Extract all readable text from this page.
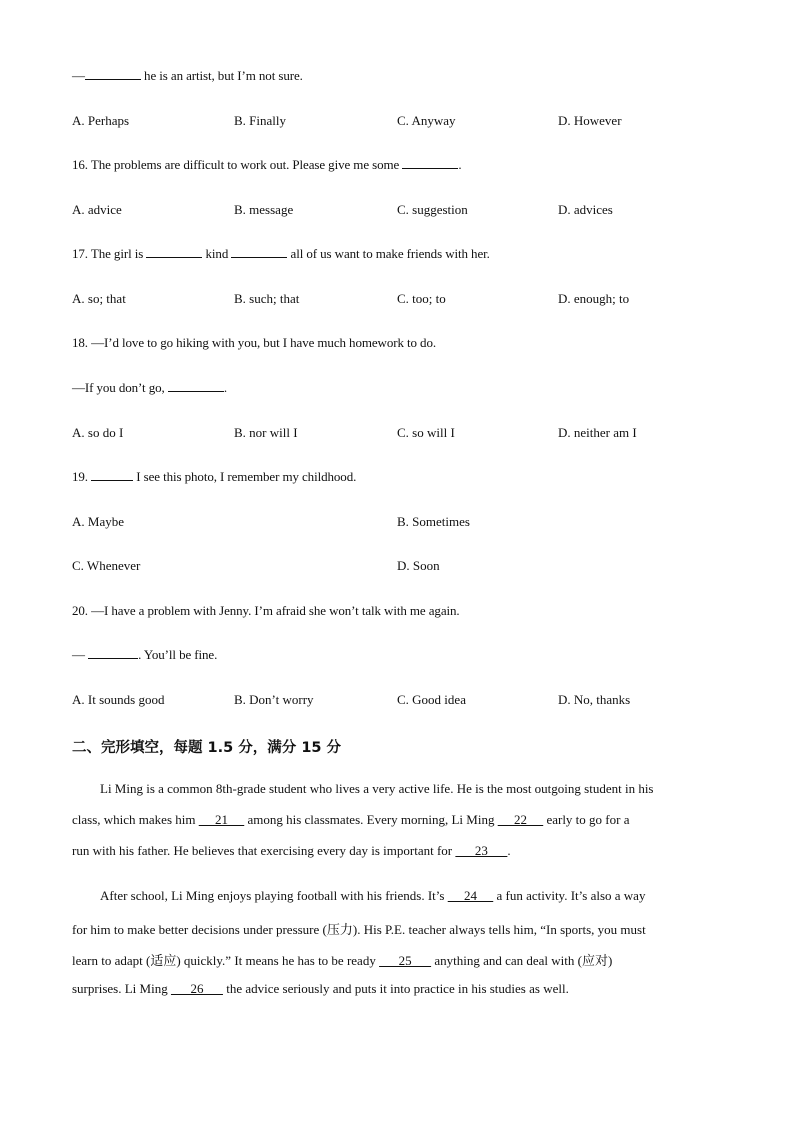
—	he is an artist, but I’m not sure.
A. Perhaps	B. Finally	C. Anyway	D. However
16. The problems are difficult to work out. Please give me some	.
A. advice	B. message	C. suggestion	D. advices
17. The girl is	kind	all of us want to make friends with her.
A. so; that	B. such; that	C. too; to	D. enough; to
18. —I’d love to go hiking with you, but I have much homework to do.
—If you don’t go,	.
A. so do I	B. nor will I	C. so will I	D. neither am I
19.	I see this photo, I remember my childhood.
A. Maybe	B. Sometimes
C. Whenever	D. Soon
20. —I have a problem with Jenny. I’m afraid she won’t talk with me again.
—	. You’ll be fine.
A. It sounds good	B. Don’t worry	C. Good idea	D. No, thanks
二、完形填空，每题 1.5 分，满分 15 分
Li Ming is a common 8th-grade student who lives a very active life. He is the most outgoing student in his
class, which makes him      21      among his classmates. Every morning, Li Ming      22      early to go for a
run with his father. He believes that exercising every day is important for       23      .
After school, Li Ming enjoys playing football with his friends. It’s      24      a fun activity. It’s also a way
for him to make better decisions under pressure (压力). His P.E. teacher always tells him, “In sports, you must
learn to adapt (适应) quickly.” It means he has to be ready       25       anything and can deal with (应对)
surprises. Li Ming       26       the advice seriously and puts it into practice in his studies as well.
